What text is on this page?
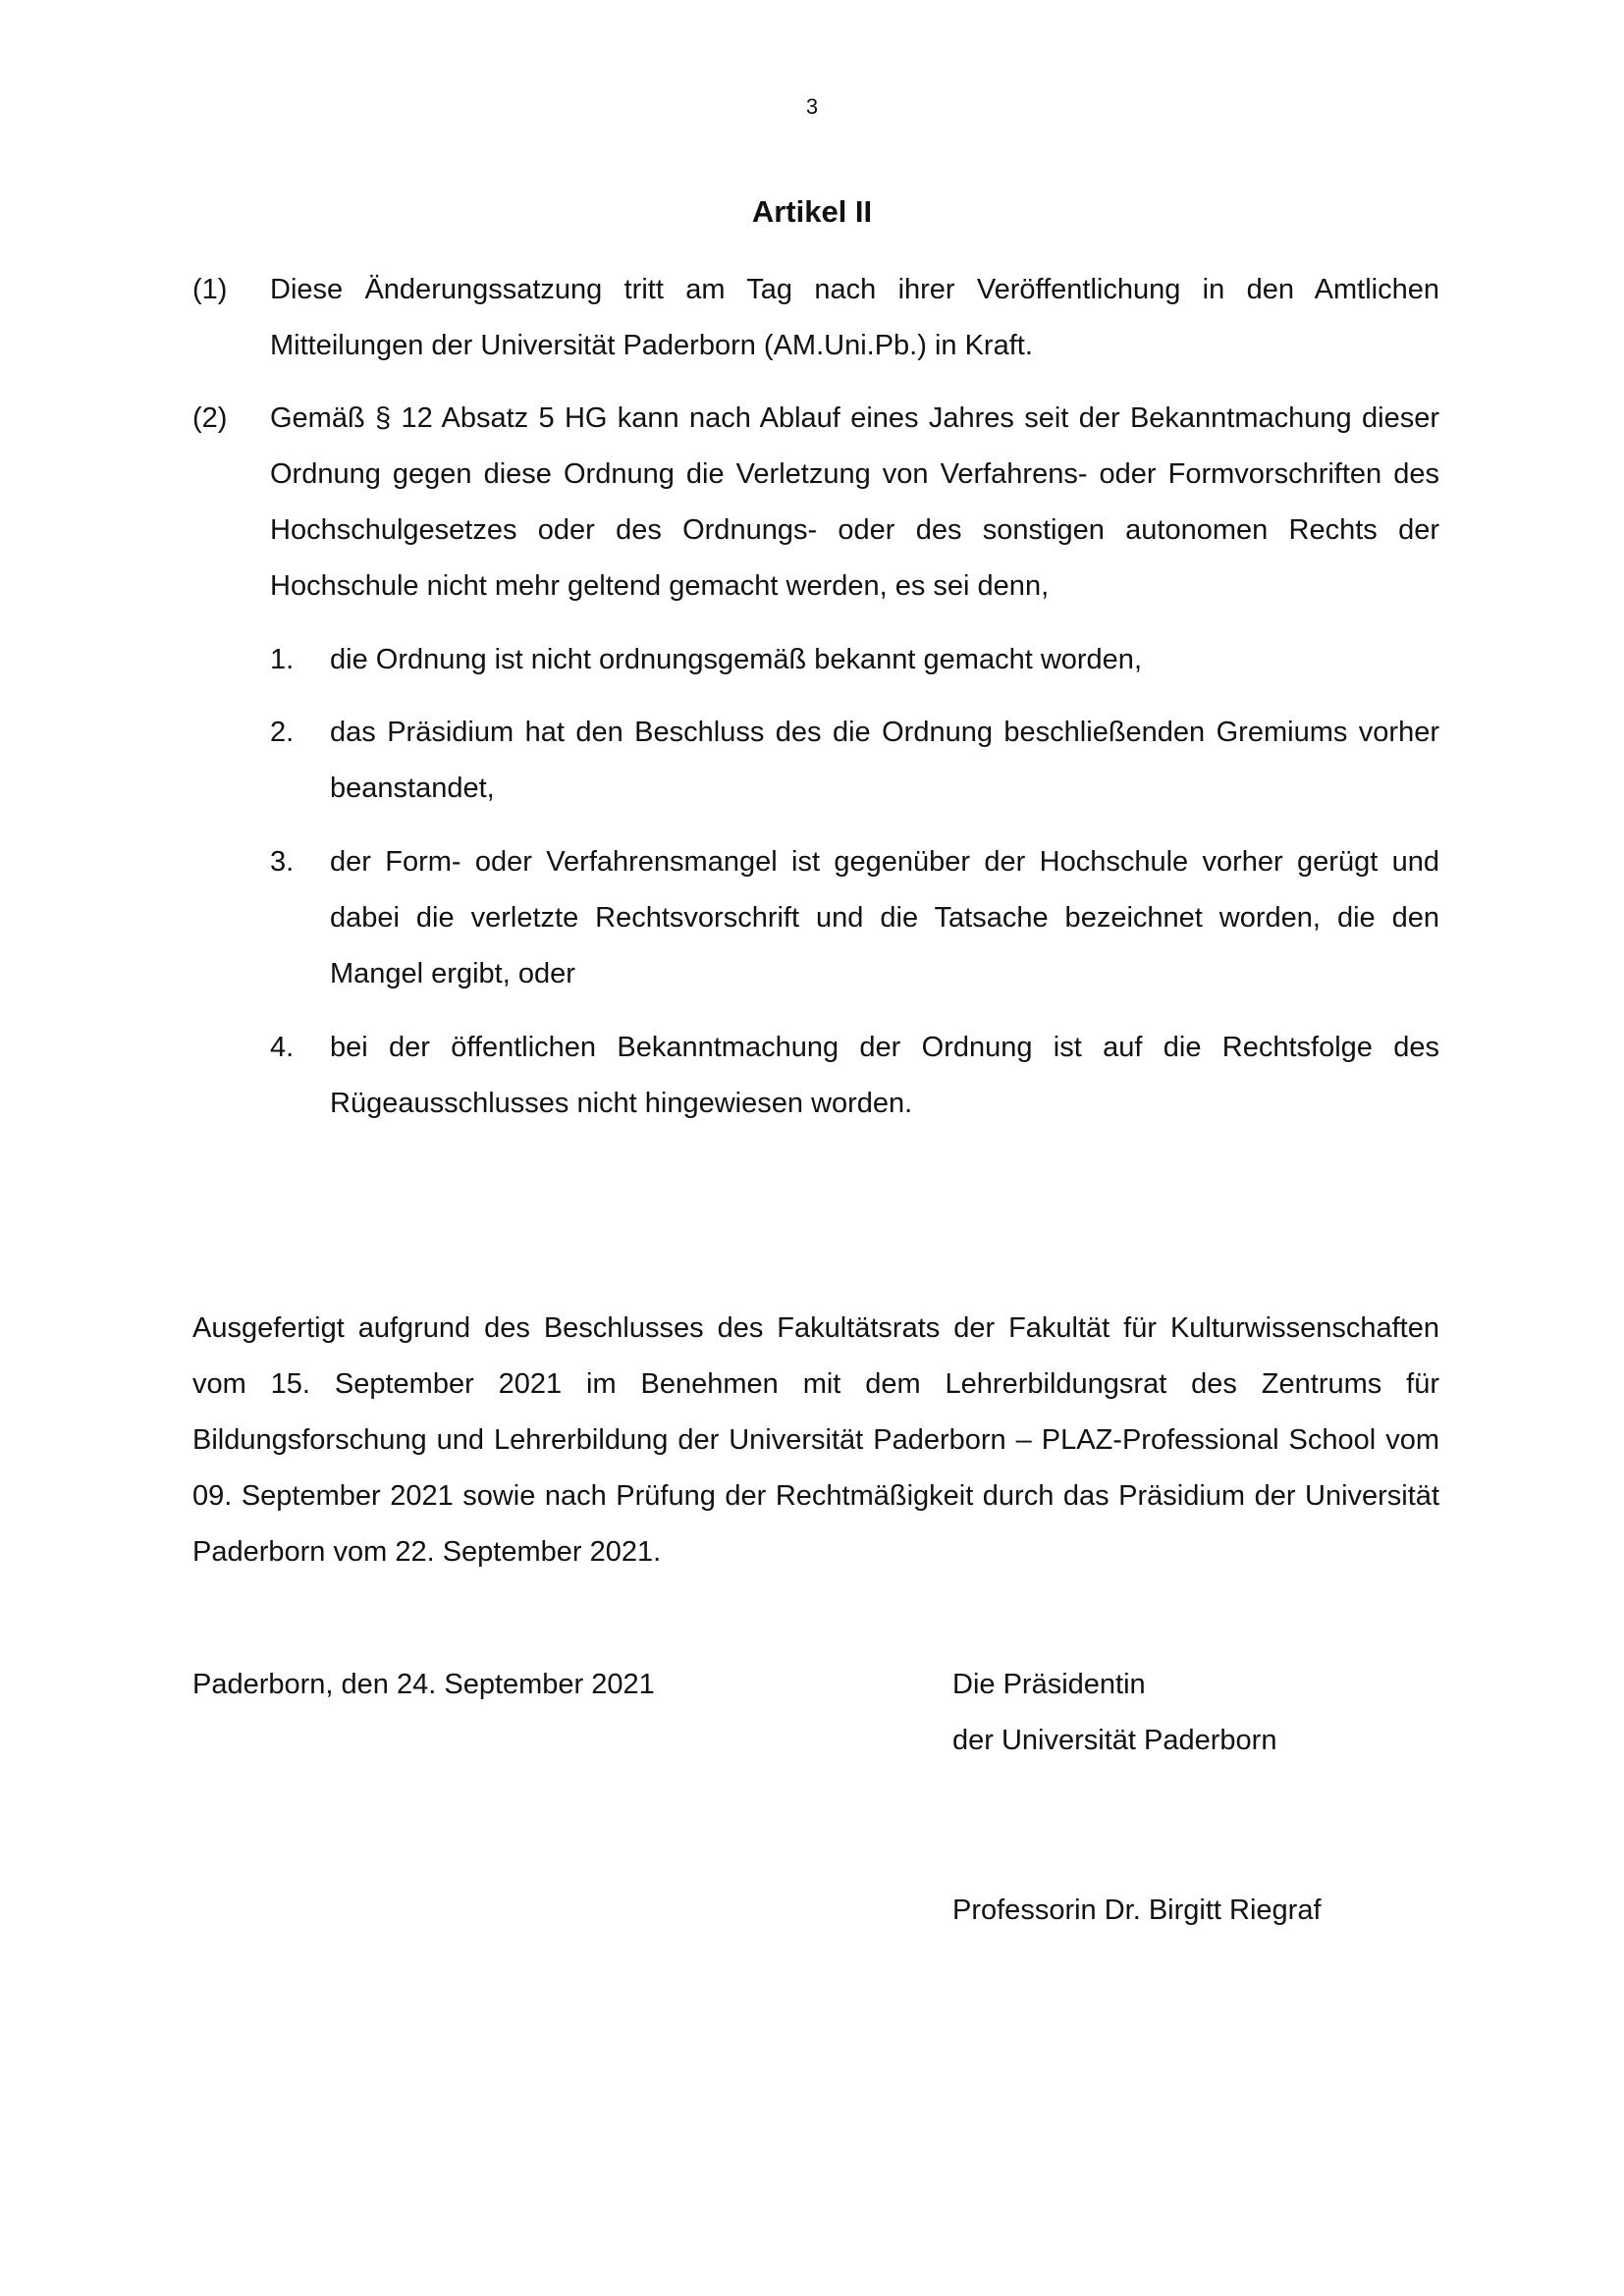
3
Artikel II
(1) Diese Änderungssatzung tritt am Tag nach ihrer Veröffentlichung in den Amtlichen Mitteilungen der Universität Paderborn (AM.Uni.Pb.) in Kraft.
(2) Gemäß § 12 Absatz 5 HG kann nach Ablauf eines Jahres seit der Bekanntmachung dieser Ordnung gegen diese Ordnung die Verletzung von Verfahrens- oder Formvorschriften des Hochschulgesetzes oder des Ordnungs- oder des sonstigen autonomen Rechts der Hochschule nicht mehr geltend gemacht werden, es sei denn,
1. die Ordnung ist nicht ordnungsgemäß bekannt gemacht worden,
2. das Präsidium hat den Beschluss des die Ordnung beschließenden Gremiums vorher beanstandet,
3. der Form- oder Verfahrensmangel ist gegenüber der Hochschule vorher gerügt und dabei die verletzte Rechtsvorschrift und die Tatsache bezeichnet worden, die den Mangel ergibt, oder
4. bei der öffentlichen Bekanntmachung der Ordnung ist auf die Rechtsfolge des Rügeausschlusses nicht hingewiesen worden.
Ausgefertigt aufgrund des Beschlusses des Fakultätsrats der Fakultät für Kulturwissenschaften vom 15. September 2021 im Benehmen mit dem Lehrerbildungsrat des Zentrums für Bildungsforschung und Lehrerbildung der Universität Paderborn – PLAZ-Professional School vom 09. September 2021 sowie nach Prüfung der Rechtmäßigkeit durch das Präsidium der Universität Paderborn vom 22. September 2021.
Paderborn, den 24. September 2021	Die Präsidentin
der Universität Paderborn
Professorin Dr. Birgitt Riegraf
